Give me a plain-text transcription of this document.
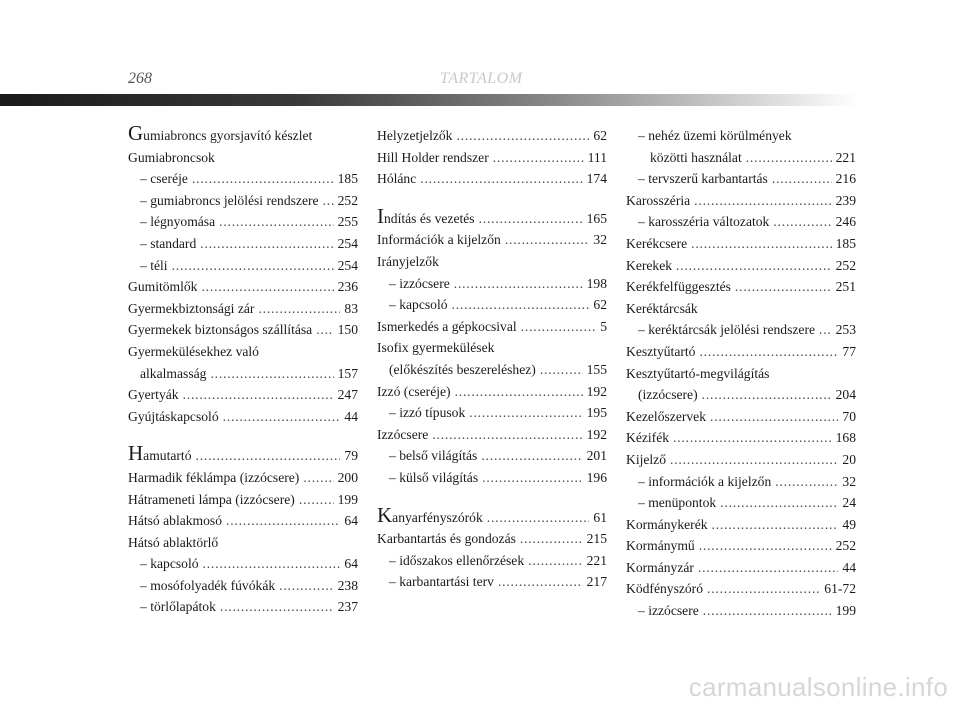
268	TARTALOM
Gumiabroncs gyorsjavító készlet
Gumiabroncsok
– cseréje . . .	185
– gumiabroncs jelölési rendszere . . . 252
– légnyomása . . .	255
– standard . . .	254
– téli . . .	254
Gumitömlők . . .	236
Gyermekbiztonsági zár . . .	83
Gyermekek biztonságos szállítása . . . 150
Gyermekülésekhez való
alkalmasság . . .	157
Gyertyák . . .	247
Gyújtáskapcsoló . . .	44
Hamutartó . . .	79
Harmadik féklámpa (izzócsere) . . .	200
Hátrameneti lámpa (izzócsere) . . .	199
Hátsó ablakmosó . . .	64
Hátsó ablaktörlő
– kapcsoló . . .	64
– mosófolyadék fúvókák . . .	238
– törlőlapátok . . .	237
Helyzetjelzők . . .	62
Hill Holder rendszer . . .	111
Hólánc . . .	174
Indítás és vezetés . . .	165
Információk a kijelzőn . . .	32
Irányjelzők
– izzócsere . . .	198
– kapcsoló . . .	62
Ismerkedés a gépkocsival . . .	5
Isofix gyermekülések
(előkészítés beszereléshez) . . .	155
Izzó (cseréje) . . .	192
– izzó típusok . . .	195
Izzócsere . . .	192
– belső világítás . . .	201
– külső világítás . . .	196
Kanyarfényszórók . . .	61
Karbantartás és gondozás . . .	215
– időszakos ellenőrzések . . .	221
– karbantartási terv . . .	217
– nehéz üzemi körülmények
közötti használat . . .	221
– tervszerű karbantartás . . .	216
Karosszéria . . .	239
– karosszéria változatok . . .	246
Kerékcsere . . .	185
Kerekek . . .	252
Kerékfelfüggesztés . . .	251
Keréktárcsák
– keréktárcsák jelölési rendszere . . . 253
Kesztyűtartó . . .	77
Kesztyűtartó-megvilágítás
(izzócsere) . . .	204
Kezelőszervek . . .	70
Kézifék . . .	168
Kijelző . . .	20
– információk a kijelzőn . . .	32
– menüpontok . . .	24
Kormánykerék . . .	49
Kormánymű . . .	252
Kormányzár . . .	44
Ködfényszóró . . .	61-72
– izzócsere . . .	199
carmanualsonline.info
